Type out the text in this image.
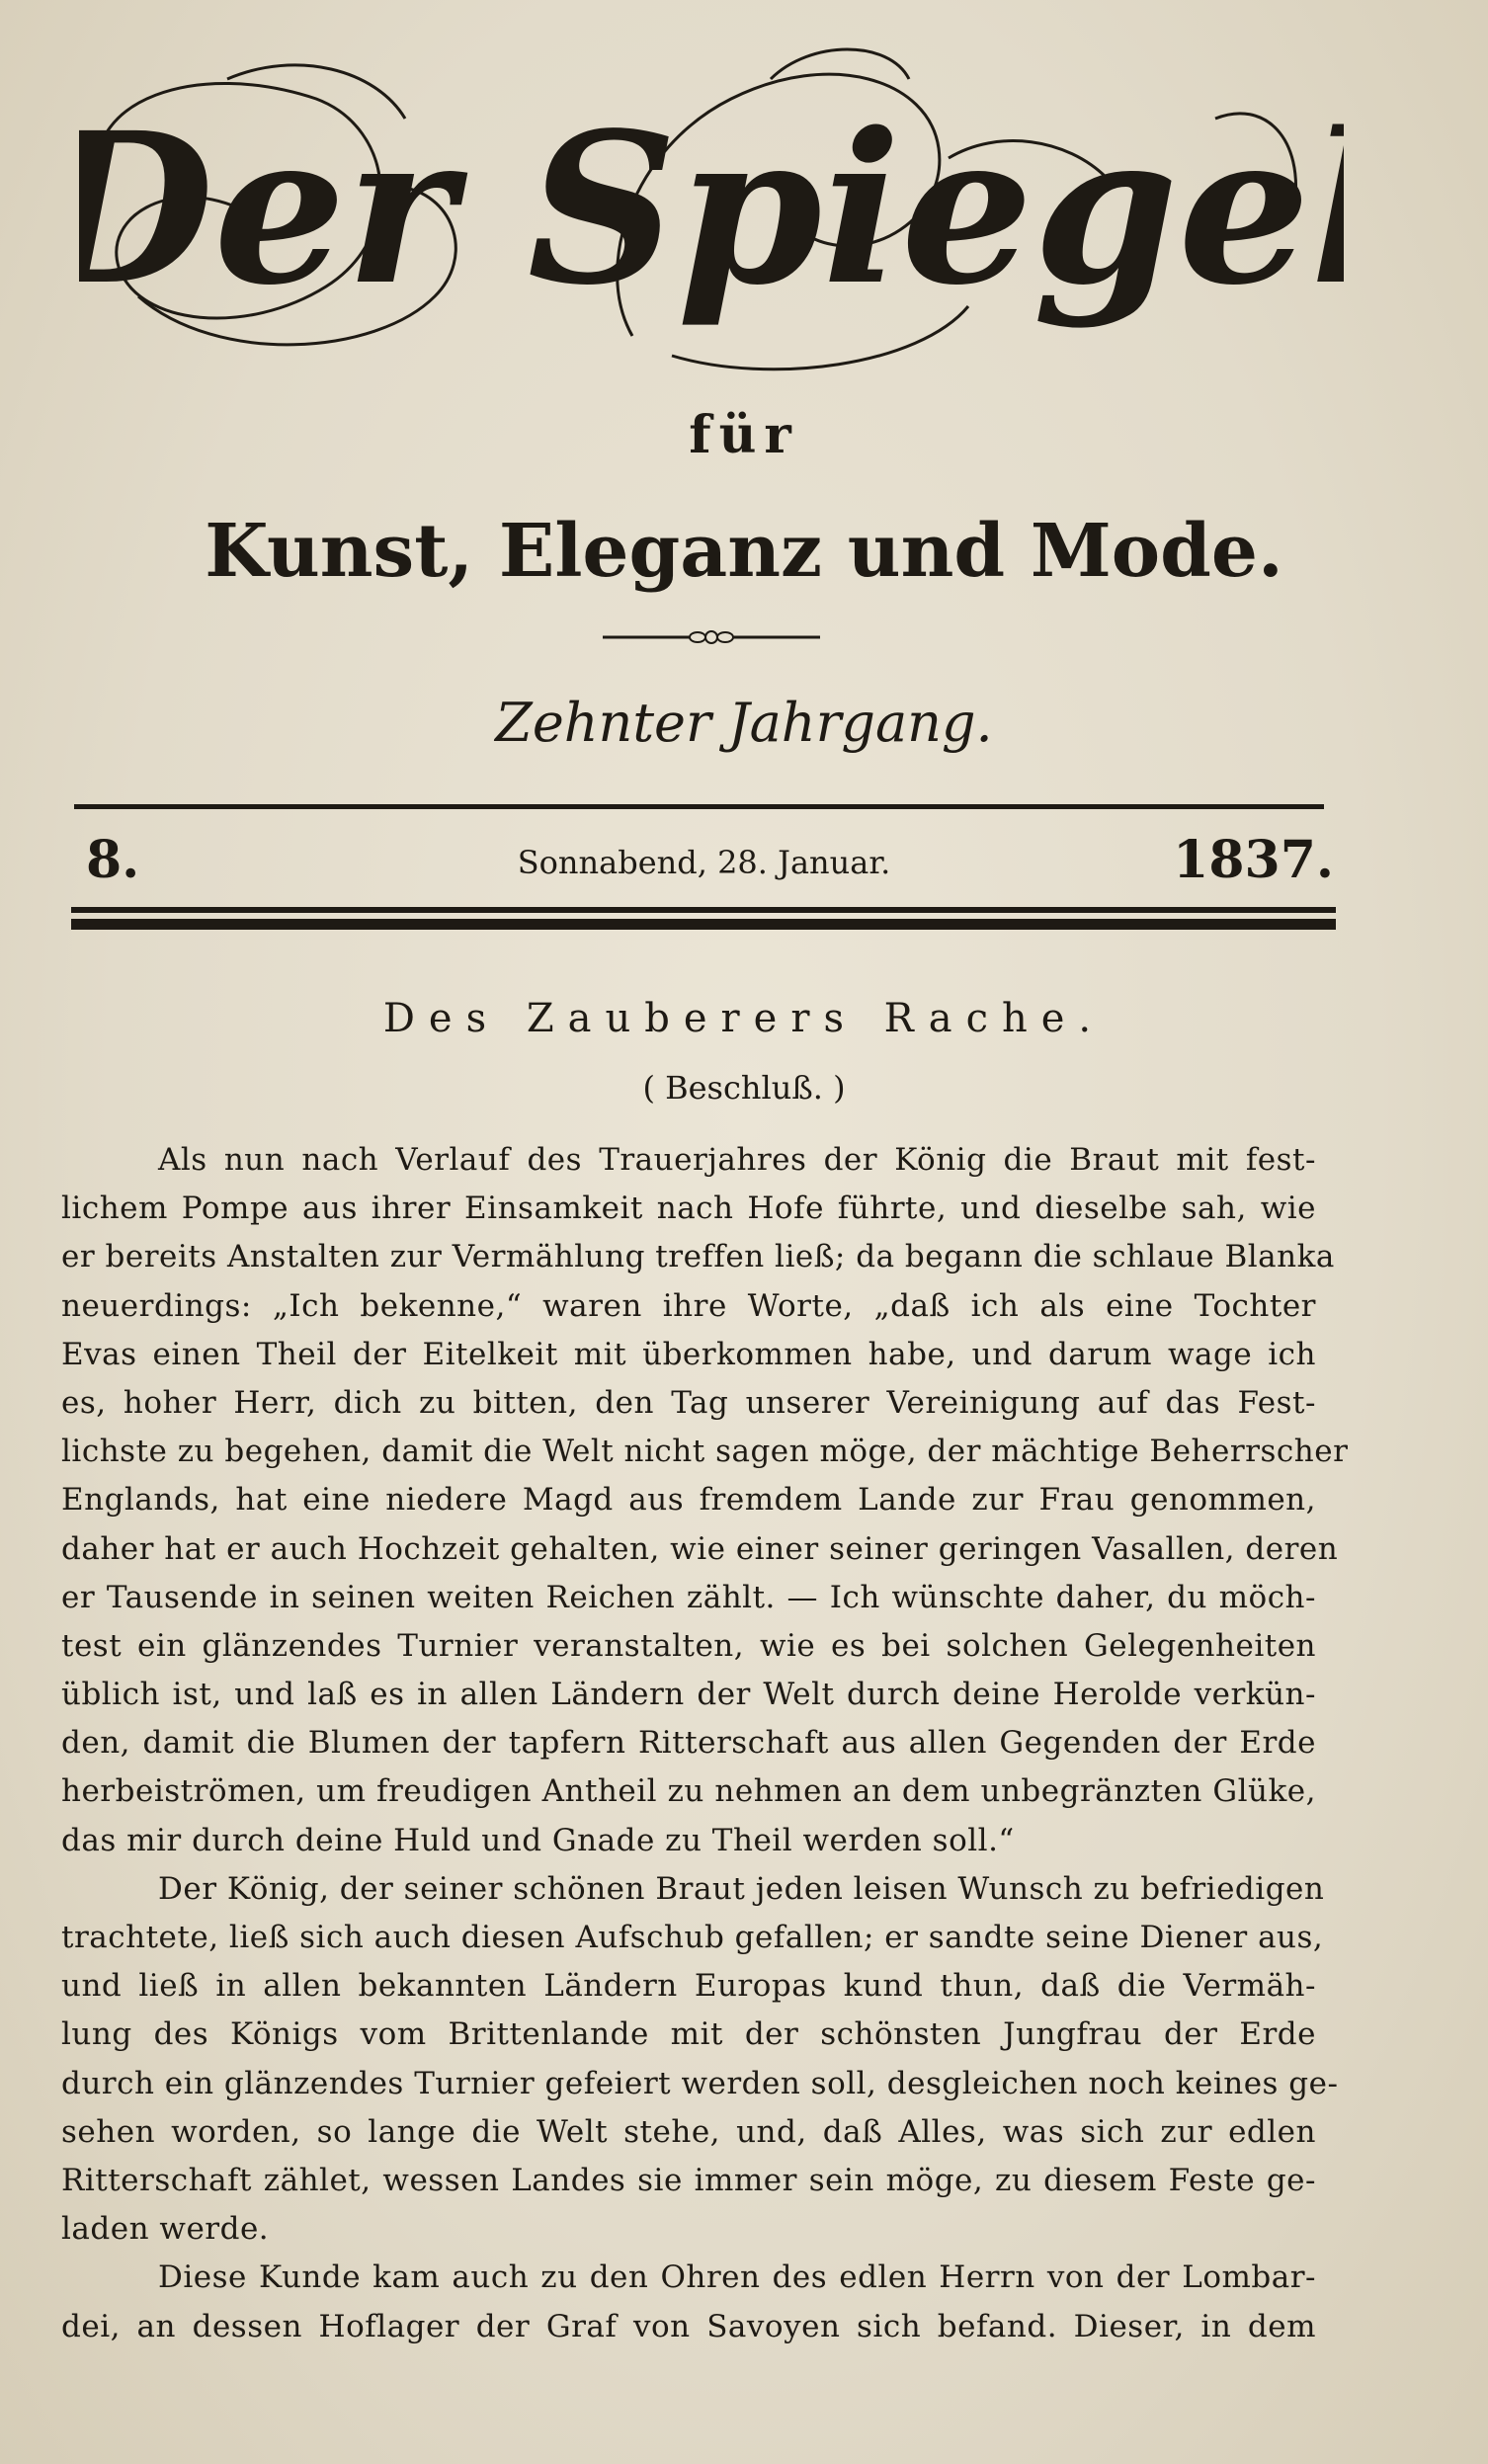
Der Spiegel
für
Kunst, Eleganz und Mode.
Zehnter Jahrgang.
8.	Sonnabend, 28. Januar.	1837.
Des Zauberers Rache.
( Beschluß. )
Als nun nach Verlauf des Trauerjahres der König die Braut mit fest-
lichem Pompe aus ihrer Einsamkeit nach Hofe führte, und dieselbe sah, wie
er bereits Anstalten zur Vermählung treffen ließ; da begann die schlaue Blanka
neuerdings: „Ich bekenne,“ waren ihre Worte, „daß ich als eine Tochter
Evas einen Theil der Eitelkeit mit überkommen habe, und darum wage ich
es, hoher Herr, dich zu bitten, den Tag unserer Vereinigung auf das Fest-
lichste zu begehen, damit die Welt nicht sagen möge, der mächtige Beherrscher
Englands, hat eine niedere Magd aus fremdem Lande zur Frau genommen,
daher hat er auch Hochzeit gehalten, wie einer seiner geringen Vasallen, deren
er Tausende in seinen weiten Reichen zählt. — Ich wünschte daher, du möch-
test ein glänzendes Turnier veranstalten, wie es bei solchen Gelegenheiten
üblich ist, und laß es in allen Ländern der Welt durch deine Herolde verkün-
den, damit die Blumen der tapfern Ritterschaft aus allen Gegenden der Erde
herbeiströmen, um freudigen Antheil zu nehmen an dem unbegränzten Glüke,
das mir durch deine Huld und Gnade zu Theil werden soll.“
Der König, der seiner schönen Braut jeden leisen Wunsch zu befriedigen
trachtete, ließ sich auch diesen Aufschub gefallen; er sandte seine Diener aus,
und ließ in allen bekannten Ländern Europas kund thun, daß die Vermäh-
lung des Königs vom Brittenlande mit der schönsten Jungfrau der Erde
durch ein glänzendes Turnier gefeiert werden soll, desgleichen noch keines ge-
sehen worden, so lange die Welt stehe, und, daß Alles, was sich zur edlen
Ritterschaft zählet, wessen Landes sie immer sein möge, zu diesem Feste ge-
laden werde.
Diese Kunde kam auch zu den Ohren des edlen Herrn von der Lombar-
dei, an dessen Hoflager der Graf von Savoyen sich befand. Dieser, in dem
